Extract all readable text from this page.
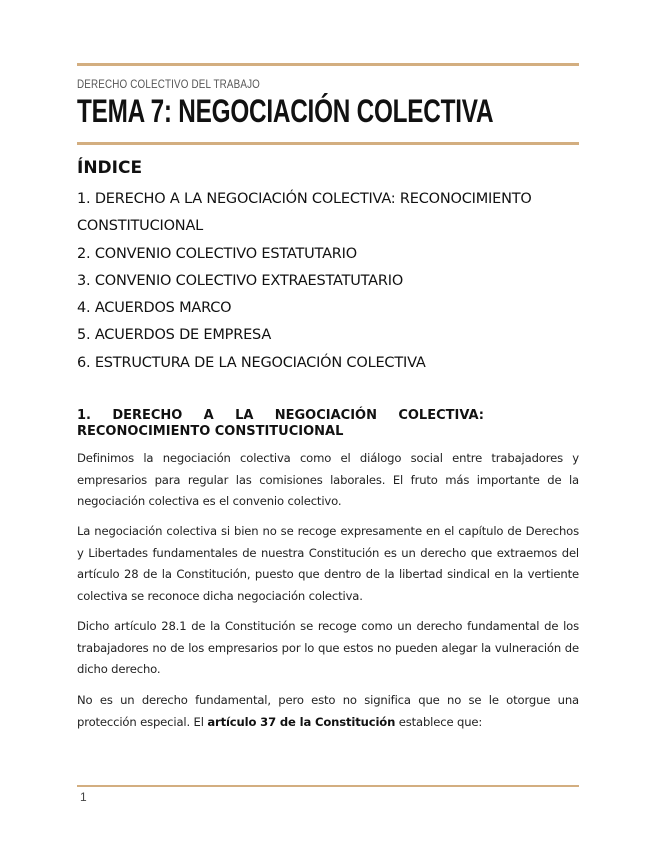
DERECHO COLECTIVO DEL TRABAJO
TEMA 7: NEGOCIACIÓN COLECTIVA
ÍNDICE
1. DERECHO A LA NEGOCIACIÓN COLECTIVA: RECONOCIMIENTO
CONSTITUCIONAL
2. CONVENIO COLECTIVO ESTATUTARIO
3. CONVENIO COLECTIVO EXTRAESTATUTARIO
4. ACUERDOS MARCO
5. ACUERDOS DE EMPRESA
6. ESTRUCTURA DE LA NEGOCIACIÓN COLECTIVA
1. DERECHO A LA NEGOCIACIÓN COLECTIVA:
RECONOCIMIENTO CONSTITUCIONAL

Definimos la negociación colectiva como el diálogo social entre trabajadores y empresarios para regular las comisiones laborales. El fruto más importante de la negociación colectiva es el convenio colectivo.

La negociación colectiva si bien no se recoge expresamente en el capítulo de Derechos y Libertades fundamentales de nuestra Constitución es un derecho que extraemos del artículo 28 de la Constitución, puesto que dentro de la libertad sindical en la vertiente colectiva se reconoce dicha negociación colectiva.

Dicho artículo 28.1 de la Constitución se recoge como un derecho fundamental de los trabajadores no de los empresarios por lo que estos no pueden alegar la vulneración de dicho derecho.

No es un derecho fundamental, pero esto no significa que no se le otorgue una protección especial. El artículo 37 de la Constitución establece que:

1
